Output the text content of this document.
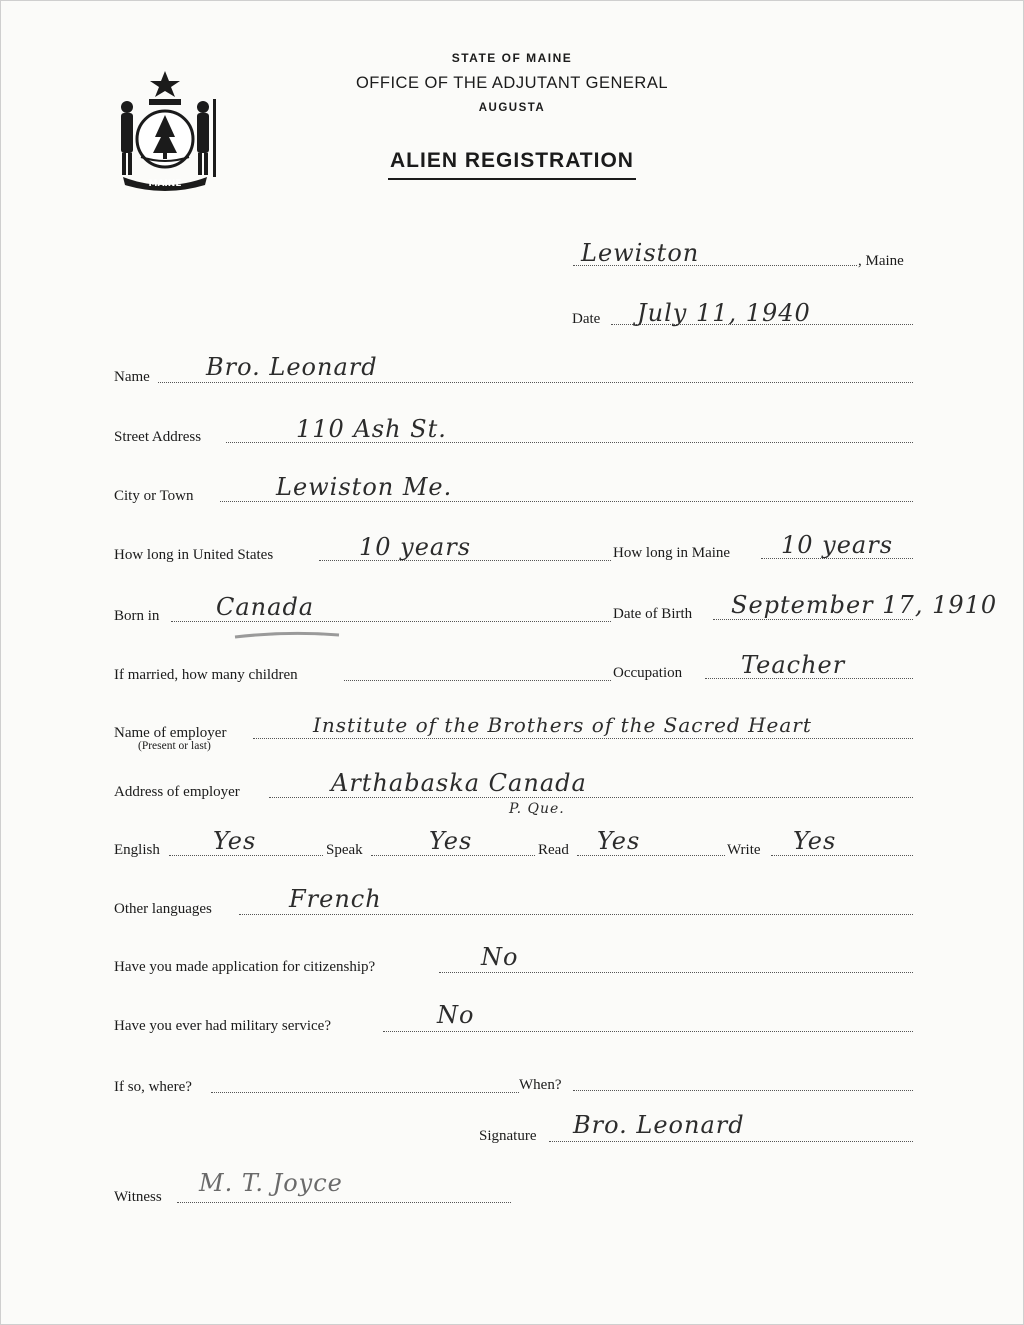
MAINE
STATE OF MAINE
OFFICE OF THE ADJUTANT GENERAL
AUGUSTA
ALIEN REGISTRATION
Lewiston	, Maine
Date July 11, 1940
Name Bro. Leonard
Street Address	110 Ash St.
City or Town	Lewiston Me.
How long in United States	10 years	How long in Maine 10 years
Born in Canada	Date of Birth September 17, 1910
If married, how many children	Occupation Teacher
Name of employer
(Present or last)
Institute of the Brothers of the Sacred Heart
Address of employer	Arthabaska Canada
P. Que.
English Yes	Speak	Yes	Read Yes	Write Yes
Other languages	French
Have you made application for citizenship?	No
Have you ever had military service?	No
If so, where?	When?
Signature Bro. Leonard
Witness M. T. Joyce
